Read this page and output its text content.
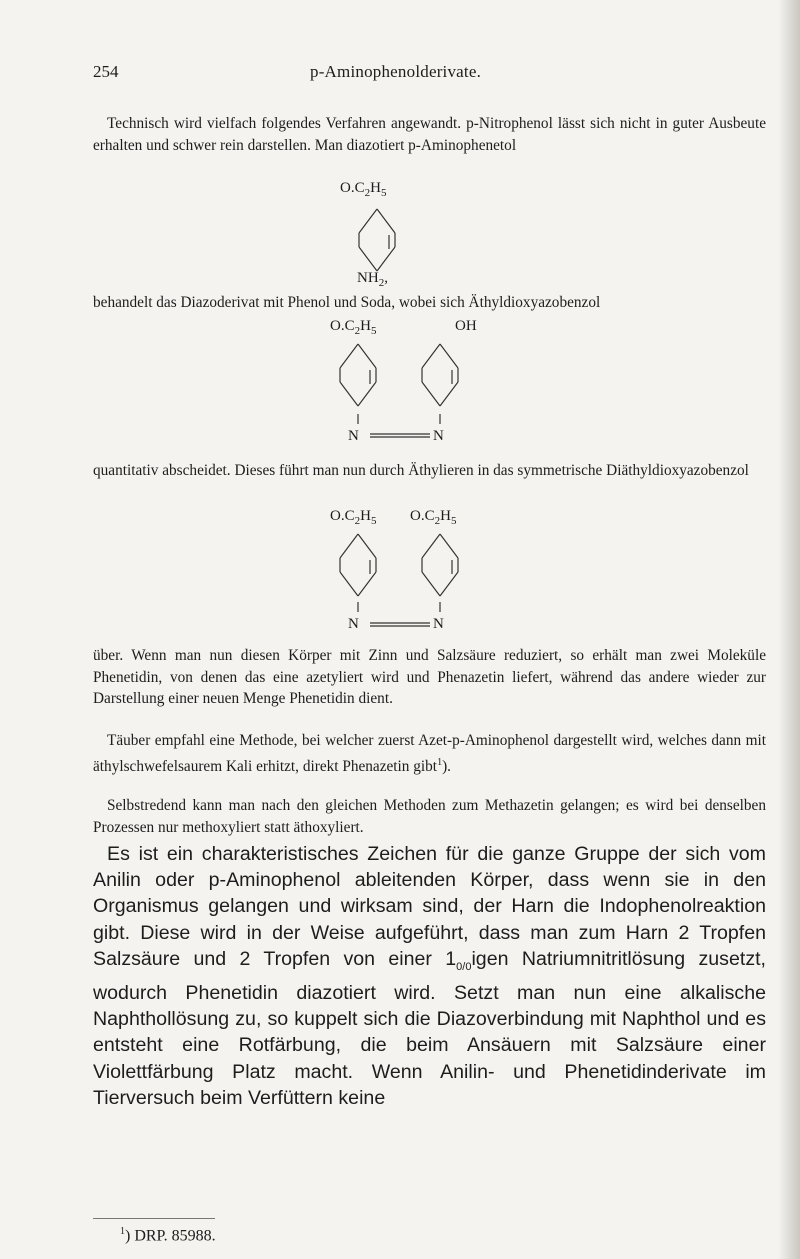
254	p-Aminophenolderivate.

Technisch wird vielfach folgendes Verfahren angewandt. p-Nitrophenol lässt sich nicht in guter Ausbeute erhalten und schwer rein darstellen. Man diazotiert p-Aminophenetol

$O.C_2H_5$
$NH_2$,

behandelt das Diazoderivat mit Phenol und Soda, wobei sich Äthyldioxyazobenzol

$O.C_2H_5$	OH
N	N

quantitativ abscheidet. Dieses führt man nun durch Äthylieren in das symmetrische Diäthyldioxyazobenzol

$O.C_2H_5$ $O.C_2H_5$
N	N

über. Wenn man nun diesen Körper mit Zinn und Salzsäure reduziert, so erhält man zwei Moleküle Phenetidin, von denen das eine azetyliert wird und Phenazetin liefert, während das andere wieder zur Darstellung einer neuen Menge Phenetidin dient.

Täuber empfahl eine Methode, bei welcher zuerst Azet-p-Aminophenol dargestellt wird, welches dann mit äthylschwefelsaurem Kali erhitzt, direkt Phenazetin gibt$^1$).

Selbstredend kann man nach den gleichen Methoden zum Methazetin gelangen; es wird bei denselben Prozessen nur methoxyliert statt äthoxyliert.

Es ist ein charakteristisches Zeichen für die ganze Gruppe der sich vom Anilin oder p-Aminophenol ableitenden Körper, dass wenn sie in den Organismus gelangen und wirksam sind, der Harn die Indophenolreaktion gibt. Diese wird in der Weise aufgeführt, dass man zum Harn 2 Tropfen Salzsäure und 2 Tropfen von einer $1_{0/0}igen$ Natriumnitritlösung zusetzt, wodurch Phenetidin diazotiert wird. Setzt man nun eine alkalische Naphthollösung zu, so kuppelt sich die Diazoverbindung mit Naphthol und es entsteht eine Rotfärbung, die beim Ansäuern mit Salzsäure einer Violettfärbung Platz macht. Wenn Anilin- und Phenetidinderivate im Tierversuch beim Verfüttern keine

$^1$) DRP. 85988.
